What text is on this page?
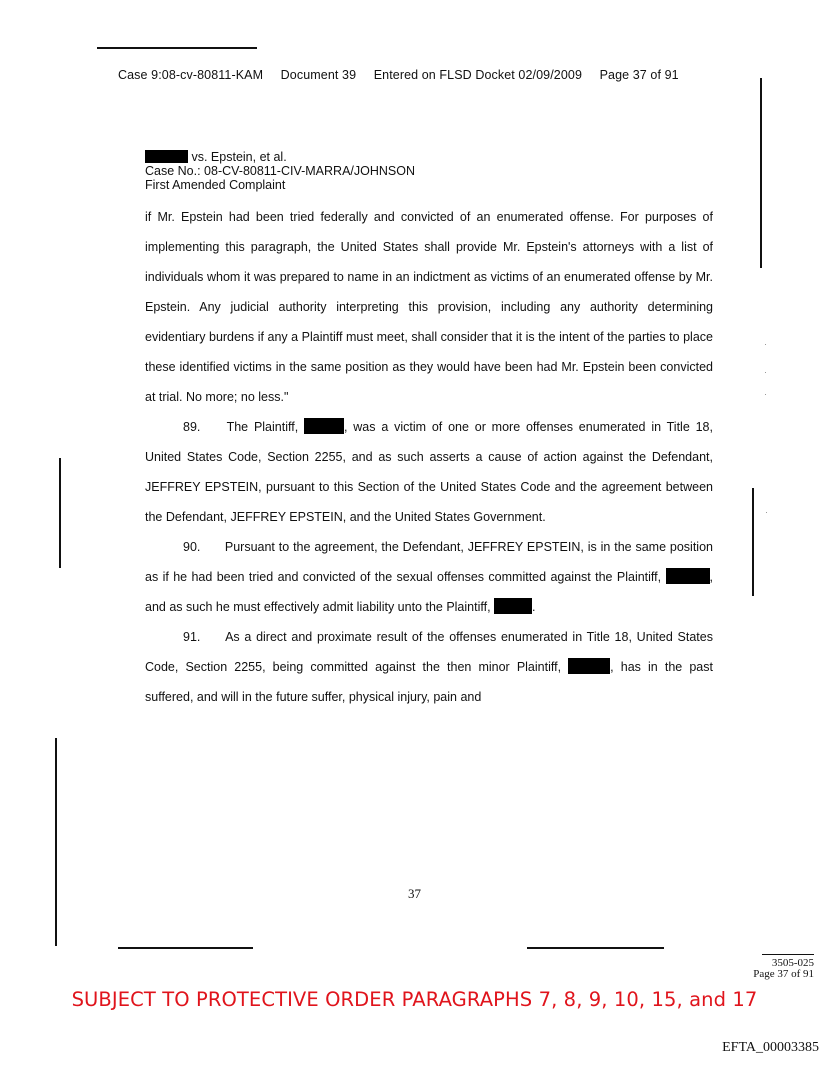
Case 9:08-cv-80811-KAM Document 39 Entered on FLSD Docket 02/09/2009 Page 37 of 91
vs. Epstein, et al.
Case No.: 08-CV-80811-CIV-MARRA/JOHNSON
First Amended Complaint

if Mr. Epstein had been tried federally and convicted of an enumerated offense. For purposes of implementing this paragraph, the United States shall provide Mr. Epstein's attorneys with a list of individuals whom it was prepared to name in an indictment as victims of an enumerated offense by Mr. Epstein. Any judicial authority interpreting this provision, including any authority determining evidentiary burdens if any a Plaintiff must meet, shall consider that it is the intent of the parties to place these identified victims in the same position as they would have been had Mr. Epstein been convicted at trial. No more; no less."

89. The Plaintiff,	, was a victim of one or more offenses enumerated in Title 18, United States Code, Section 2255, and as such asserts a cause of action against the Defendant, JEFFREY EPSTEIN, pursuant to this Section of the United States Code and the agreement between the Defendant, JEFFREY EPSTEIN, and the United States Government.

90. Pursuant to the agreement, the Defendant, JEFFREY EPSTEIN, is in the same position as if he had been tried and convicted of the sexual offenses committed against the Plaintiff,	, and as such he must effectively admit liability unto the Plaintiff,	.

91. As a direct and proximate result of the offenses enumerated in Title 18, United States Code, Section 2255, being committed against the then minor Plaintiff,	, has in the past suffered, and will in the future suffer, physical injury, pain and

37
3505-025
Page 37 of 91
SUBJECT TO PROTECTIVE ORDER PARAGRAPHS 7, 8, 9, 10, 15, and 17
EFTA_00003385
